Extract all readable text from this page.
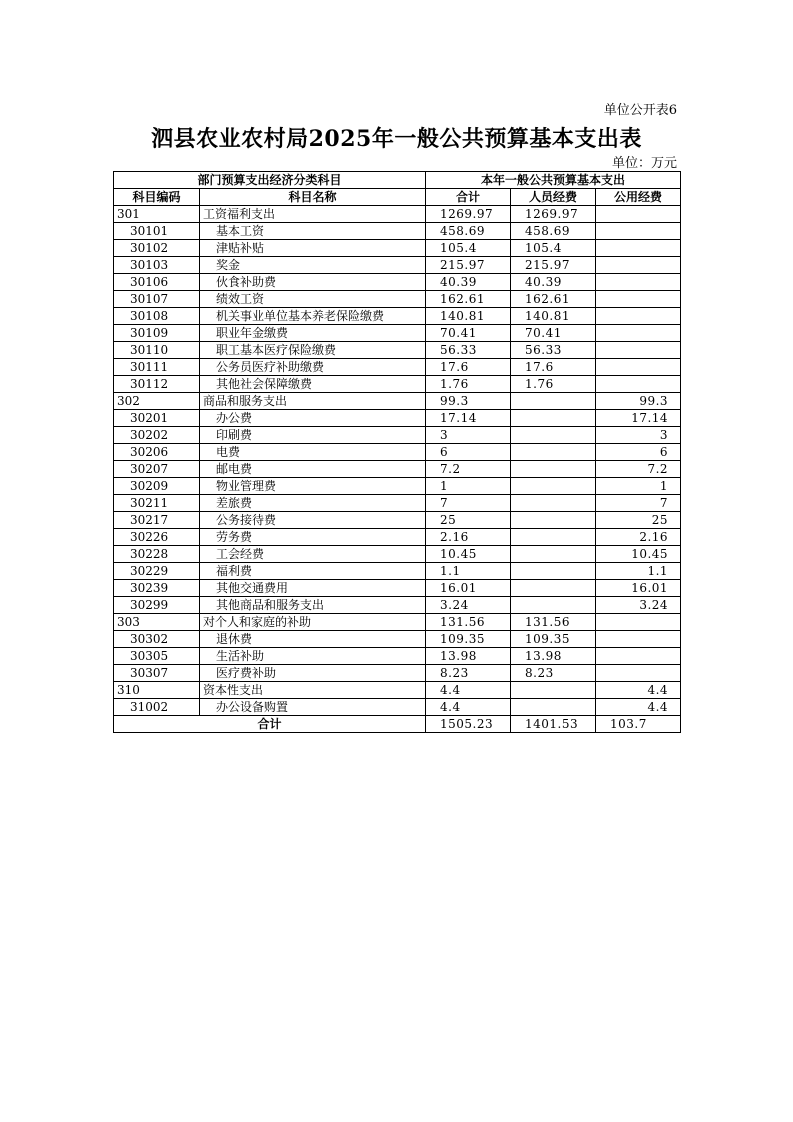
单位公开表6
泗县农业农村局2025年一般公共预算基本支出表
单位：万元
部门预算支出经济分类科目		本年一般公共预算基本支出		
科目编码	科目名称	合计	人员经费	公用经费
301	工资福利支出	1269.97	1269.97	
30101	基本工资	458.69	458.69	
30102	津贴补贴	105.4	105.4	
30103	奖金	215.97	215.97	
30106	伙食补助费	40.39	40.39	
30107	绩效工资	162.61	162.61	
30108	机关事业单位基本养老保险缴费	140.81	140.81	
30109	职业年金缴费	70.41	70.41	
30110	职工基本医疗保险缴费	56.33	56.33	
30111	公务员医疗补助缴费	17.6	17.6	
30112	其他社会保障缴费	1.76	1.76	
302	商品和服务支出	99.3		99.3
30201	办公费	17.14		17.14
30202	印刷费	3		3
30206	电费	6		6
30207	邮电费	7.2		7.2
30209	物业管理费	1		1
30211	差旅费	7		7
30217	公务接待费	25		25
30226	劳务费	2.16		2.16
30228	工会经费	10.45		10.45
30229	福利费	1.1		1.1
30239	其他交通费用	16.01		16.01
30299	其他商品和服务支出	3.24		3.24
303	对个人和家庭的补助	131.56	131.56	
30302	退休费	109.35	109.35	
30305	生活补助	13.98	13.98	
30307	医疗费补助	8.23	8.23	
310	资本性支出	4.4		4.4
31002	办公设备购置	4.4		4.4
合计		1505.23	1401.53	103.7
